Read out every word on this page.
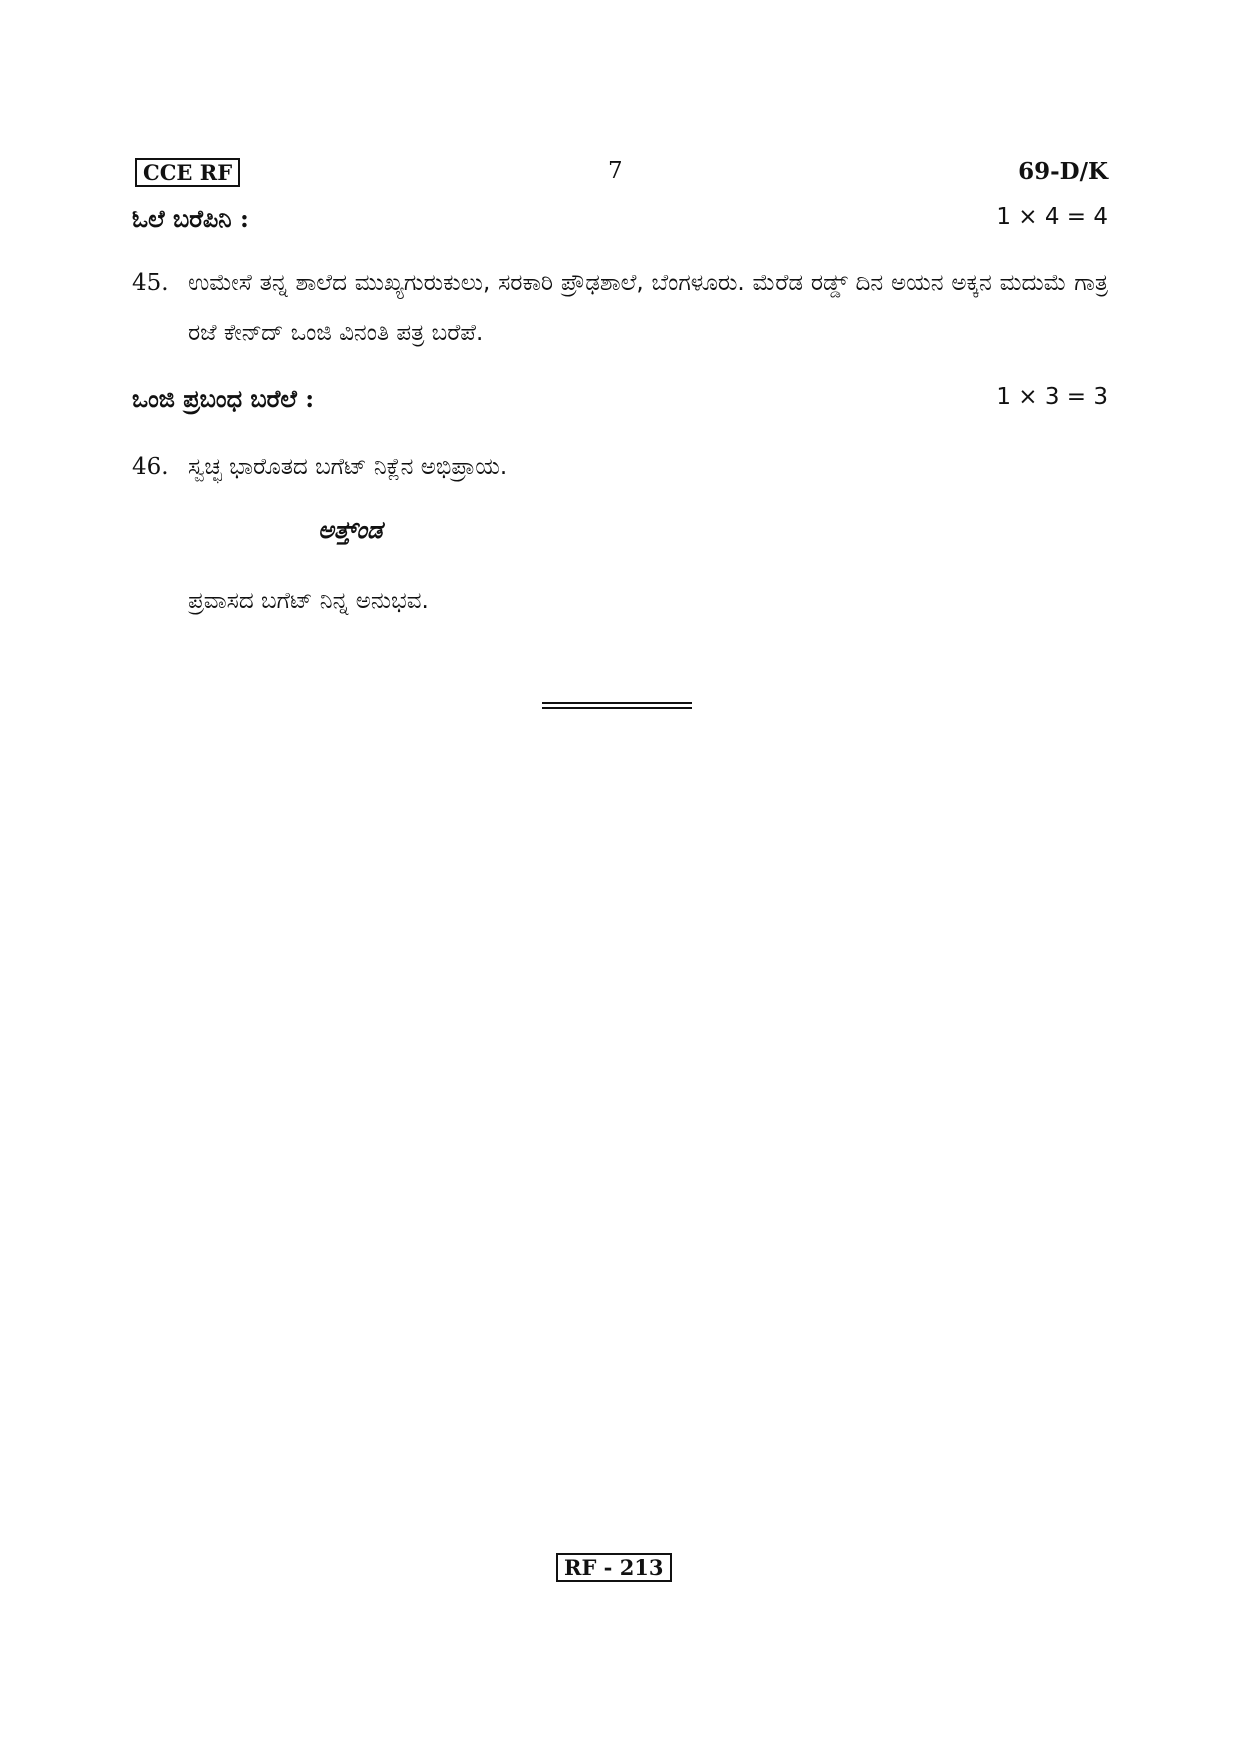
CCE RF	7	69-D/K
ಓಲೆ ಬರೆಪಿನಿ :	1 × 4 = 4
45. ಉಮೇಸೆ ತನ್ನ ಶಾಲೆದ ಮುಖ್ಯಗುರುಕುಲು, ಸರಕಾರಿ ಪ್ರೌಢಶಾಲೆ, ಬೆಂಗಳೂರು. ಮೆರೆಡ ರಡ್ಡ್ ದಿನ ಅಯನ ಅಕ್ಕನ ಮದುಮೆ ಗಾತ್ರ ರಜೆ ಕೇನ್‍ದ್ ಒಂಜಿ ವಿನಂತಿ ಪತ್ರ ಬರೆಪೆ.
ಒಂಜಿ ಪ್ರಬಂಧ ಬರೆಲೆ :	1 × 3 = 3
46. ಸ್ವಚ್ಛ ಭಾರೊತದ ಬಗೆಟ್ ನಿಕ್ಲೆನ ಅಭಿಪ್ರಾಯ.
ಅತ್ತ್ಂಡ
ಪ್ರವಾಸದ ಬಗೆಟ್ ನಿನ್ನ ಅನುಭವ.
RF - 213
